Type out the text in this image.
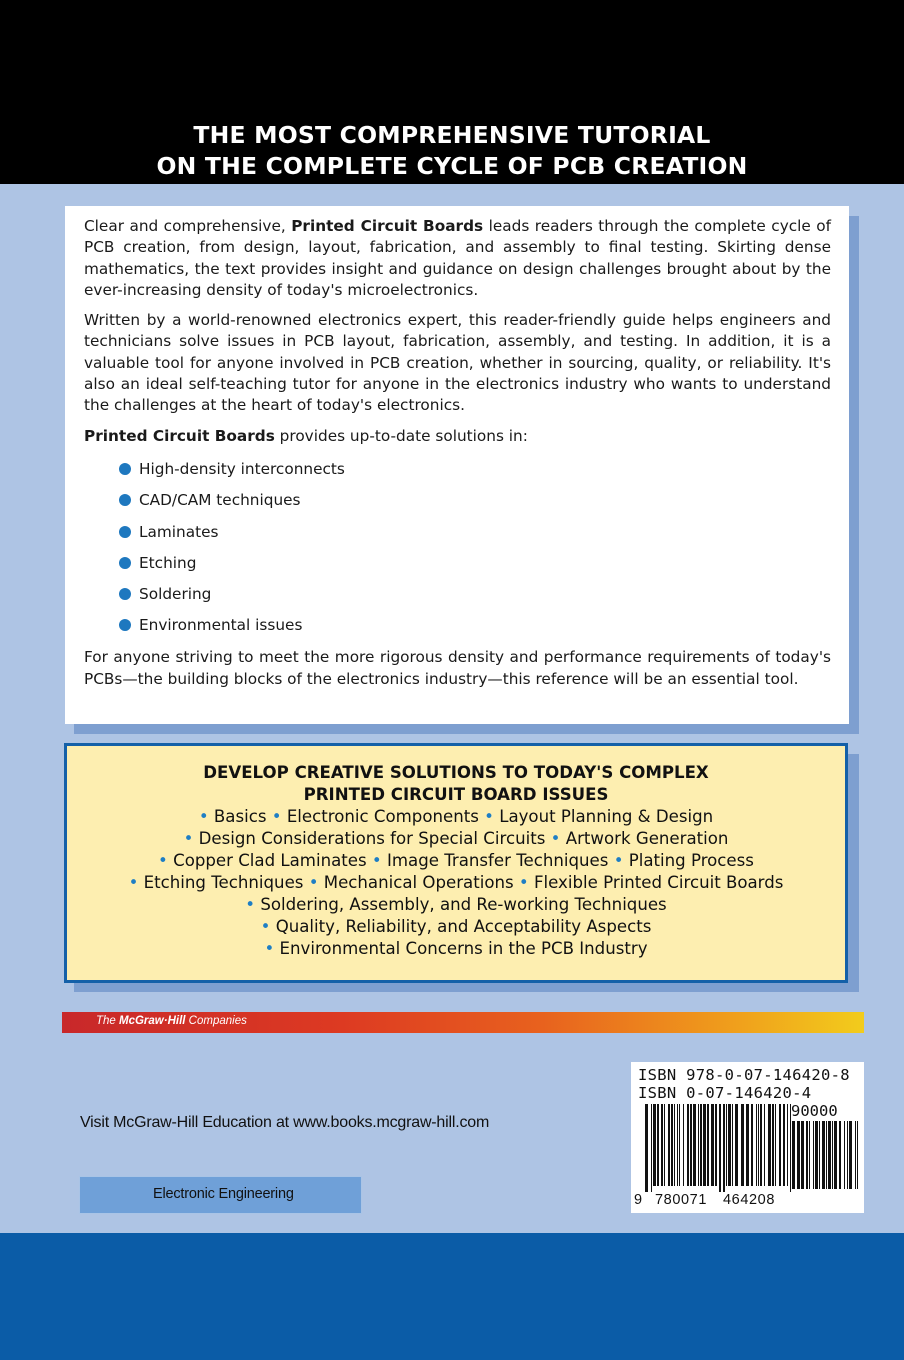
THE MOST COMPREHENSIVE TUTORIAL
ON THE COMPLETE CYCLE OF PCB CREATION

Clear and comprehensive, Printed Circuit Boards leads readers through the complete cycle of PCB creation, from design, layout, fabrication, and assembly to final testing. Skirting dense mathematics, the text provides insight and guidance on design challenges brought about by the ever-increasing density of today's microelectronics.

Written by a world-renowned electronics expert, this reader-friendly guide helps engineers and technicians solve issues in PCB layout, fabrication, assembly, and testing. In addition, it is a valuable tool for anyone involved in PCB creation, whether in sourcing, quality, or reliability. It's also an ideal self-teaching tutor for anyone in the electronics industry who wants to understand the challenges at the heart of today's electronics.

Printed Circuit Boards provides up-to-date solutions in:

High-density interconnects
CAD/CAM techniques
Laminates
Etching
Soldering
Environmental issues

For anyone striving to meet the more rigorous density and performance requirements of today's PCBs—the building blocks of the electronics industry—this reference will be an essential tool.

DEVELOP CREATIVE SOLUTIONS TO TODAY'S COMPLEX
PRINTED CIRCUIT BOARD ISSUES
• Basics • Electronic Components • Layout Planning & Design
• Design Considerations for Special Circuits • Artwork Generation
• Copper Clad Laminates • Image Transfer Techniques • Plating Process
• Etching Techniques • Mechanical Operations • Flexible Printed Circuit Boards
• Soldering, Assembly, and Re-working Techniques
• Quality, Reliability, and Acceptability Aspects
• Environmental Concerns in the PCB Industry
The McGraw·Hill Companies
Visit McGraw-Hill Education at www.books.mcgraw-hill.com
Electronic Engineering
ISBN 978-0-07-146420-8
ISBN 0-07-146420-4
90000
9 780071 464208
